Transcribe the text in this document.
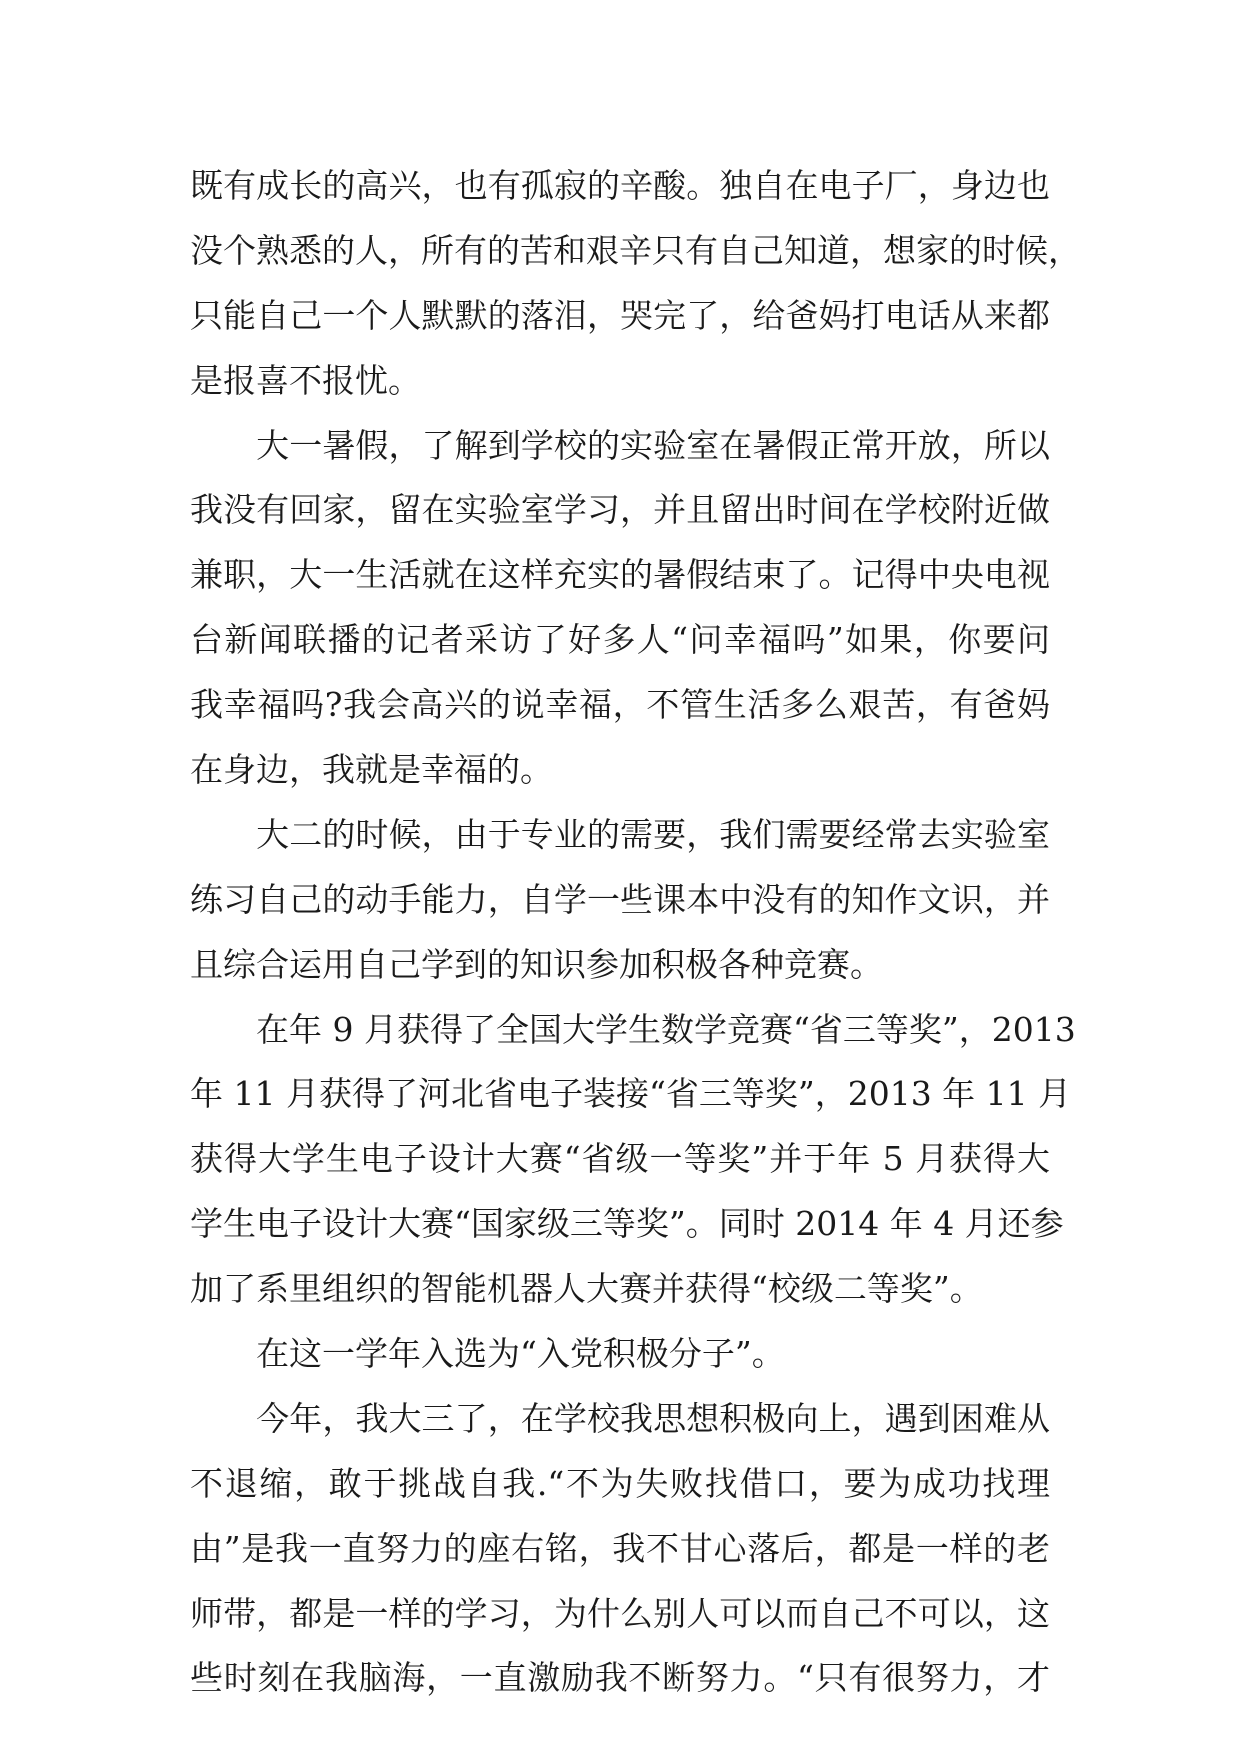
既有成长的高兴，也有孤寂的辛酸。独自在电子厂，身边也
没个熟悉的人，所有的苦和艰辛只有自己知道，想家的时候，
只能自己一个人默默的落泪，哭完了，给爸妈打电话从来都
是报喜不报忧。
　　大一暑假，了解到学校的实验室在暑假正常开放，所以
我没有回家，留在实验室学习，并且留出时间在学校附近做
兼职，大一生活就在这样充实的暑假结束了。记得中央电视
台新闻联播的记者采访了好多人“问幸福吗”如果，你要问
我幸福吗?我会高兴的说幸福，不管生活多么艰苦，有爸妈
在身边，我就是幸福的。
　　大二的时候，由于专业的需要，我们需要经常去实验室
练习自己的动手能力，自学一些课本中没有的知作文识，并
且综合运用自己学到的知识参加积极各种竞赛。
　　在年 9 月获得了全国大学生数学竞赛“省三等奖”，2013
年 11 月获得了河北省电子装接“省三等奖”，2013 年 11 月
获得大学生电子设计大赛“省级一等奖”并于年 5 月获得大
学生电子设计大赛“国家级三等奖”。同时 2014 年 4 月还参
加了系里组织的智能机器人大赛并获得“校级二等奖”。
　　在这一学年入选为“入党积极分子”。
　　今年，我大三了，在学校我思想积极向上，遇到困难从
不退缩，敢于挑战自我.“不为失败找借口，要为成功找理
由”是我一直努力的座右铭，我不甘心落后，都是一样的老
师带，都是一样的学习，为什么别人可以而自己不可以，这
些时刻在我脑海，一直激励我不断努力。“只有很努力，才
